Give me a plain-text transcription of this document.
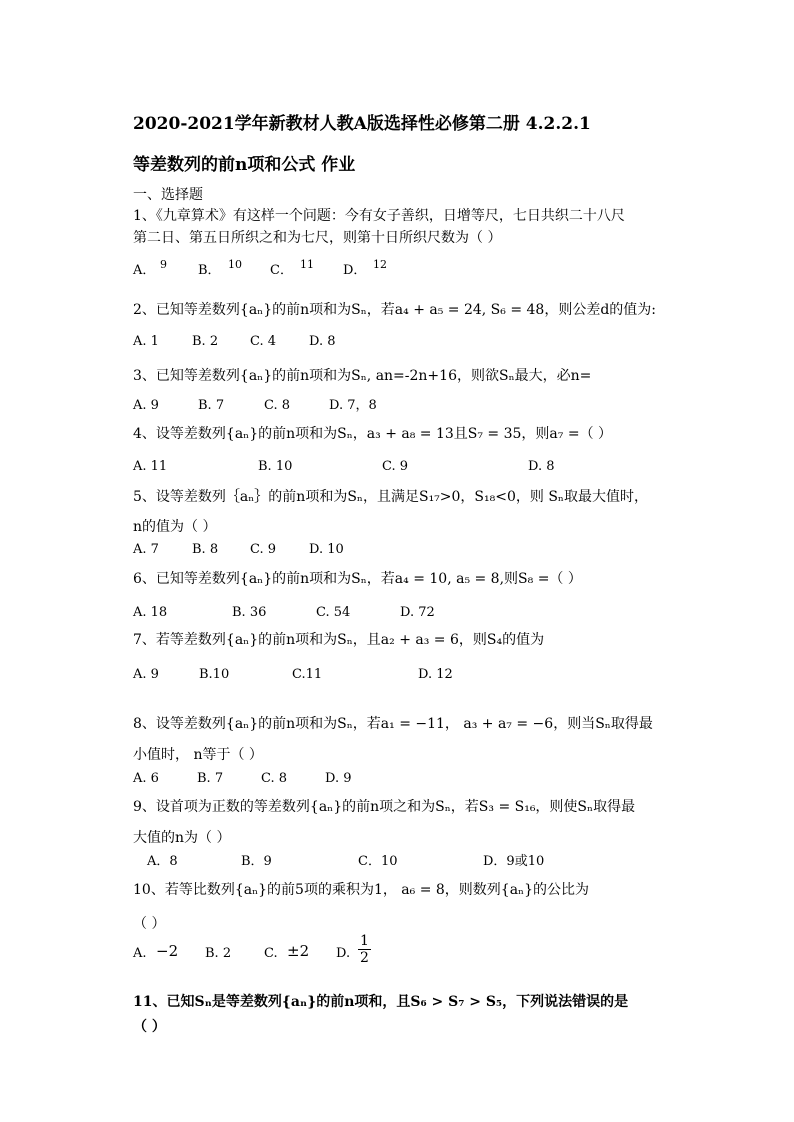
2020-2021学年新教材人教A版选择性必修第二册 4.2.2.1
等差数列的前n项和公式 作业
一、选择题
1、《九章算术》有这样一个问题：今有女子善织，日增等尺，七日共织二十八尺
第二日、第五日所织之和为七尺，则第十日所织尺数为（ ）
A． 9 B． 10 C． 11 D． 12
2、已知等差数列{aₙ}的前n项和为Sₙ，若a₄ + a₅ = 24, S₆ = 48，则公差d的值为:
A. 1	B. 2 C. 4	D. 8
3、已知等差数列{aₙ}的前n项和为Sₙ, an=-2n+16，则欲Sₙ最大，必n=
A. 9	B. 7	C. 8	D. 7，8
4、设等差数列{aₙ}的前n项和为Sₙ，a₃ + a₈ = 13且S₇ = 35，则a₇ =（ ）
A. 11	B. 10	C. 9	D. 8
5、设等差数列｛aₙ｝的前n项和为Sₙ，且满足S₁₇>0，S₁₈<0，则 Sₙ取最大值时，
n的值为（ ）
A. 7	B. 8 C. 9	D. 10
6、已知等差数列{aₙ}的前n项和为Sₙ，若a₄ = 10, a₅ = 8,则S₈ =（ ）
A. 18	B. 36	C. 54	D. 72
7、若等差数列{aₙ}的前n项和为Sₙ，且a₂ + a₃ = 6，则S₄的值为
A. 9	B.10	C.11	D. 12
8、设等差数列{aₙ}的前n项和为Sₙ，若a₁ = −11， a₃ + a₇ = −6，则当Sₙ取得最
小值时， n等于（ ）
A. 6	B. 7	C. 8	D. 9
9、设首项为正数的等差数列{aₙ}的前n项之和为Sₙ，若S₃ = S₁₆，则使Sₙ取得最
大值的n为（ ）
A．8	B．9	C．10	D．9或10
10、若等比数列{aₙ}的前5项的乘积为1， a₆ = 8，则数列{aₙ}的公比为
（ ）
A. −2 B. 2	C. ±2 D. $\frac{1}{2}$
11、已知Sₙ是等差数列{aₙ}的前n项和，且S₆ > S₇ > S₅，下列说法错误的是
（ ）
